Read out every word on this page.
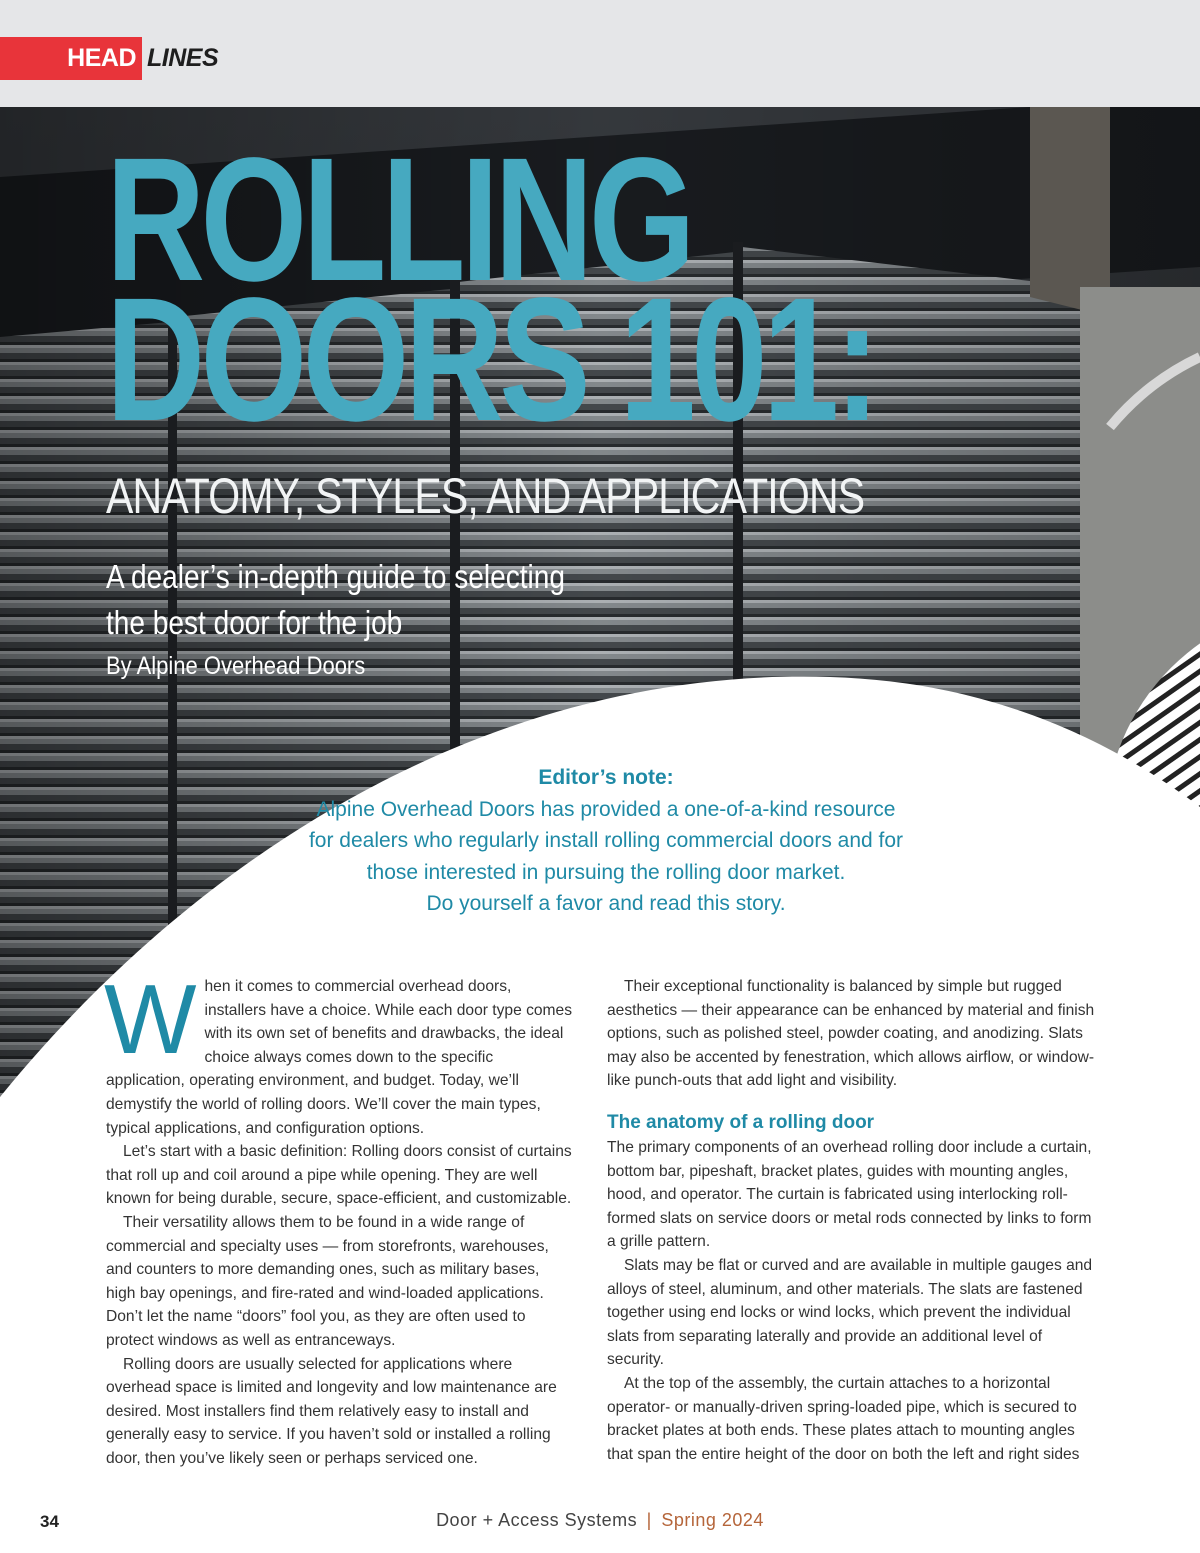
HEAD LINES
ROLLING
DOORS 101:
ANATOMY, STYLES, AND APPLICATIONS
A dealer’s in-depth guide to selecting
the best door for the job
By Alpine Overhead Doors
Editor’s note:
Alpine Overhead Doors has provided a one-of-a-kind resource
for dealers who regularly install rolling commercial doors and for
those interested in pursuing the rolling door market.
Do yourself a favor and read this story.
W hen it comes to commercial overhead doors, installers have a choice. While each door type comes with its own set of benefits and drawbacks, the ideal choice always comes down to the specific application, operating environment, and budget. Today, we’ll demystify the world of rolling doors. We’ll cover the main types, typical applications, and configuration options.

Let’s start with a basic definition: Rolling doors consist of curtains that roll up and coil around a pipe while opening. They are well known for being durable, secure, space-efficient, and customizable.

Their versatility allows them to be found in a wide range of commercial and specialty uses — from storefronts, warehouses, and counters to more demanding ones, such as military bases, high bay openings, and fire-rated and wind-loaded applications. Don’t let the name “doors” fool you, as they are often used to protect windows as well as entranceways.

Rolling doors are usually selected for applications where overhead space is limited and longevity and low maintenance are desired. Most installers find them relatively easy to install and generally easy to service. If you haven’t sold or installed a rolling door, then you’ve likely seen or perhaps serviced one.

Their exceptional functionality is balanced by simple but rugged aesthetics — their appearance can be enhanced by material and finish options, such as polished steel, powder coating, and anodizing. Slats may also be accented by fenestration, which allows airflow, or window-like punch-outs that add light and visibility.

The anatomy of a rolling door

The primary components of an overhead rolling door include a curtain, bottom bar, pipeshaft, bracket plates, guides with mounting angles, hood, and operator. The curtain is fabricated using interlocking roll-formed slats on service doors or metal rods connected by links to form a grille pattern.

Slats may be flat or curved and are available in multiple gauges and alloys of steel, aluminum, and other materials. The slats are fastened together using end locks or wind locks, which prevent the individual slats from separating laterally and provide an additional level of security.

At the top of the assembly, the curtain attaches to a horizontal operator- or manually-driven spring-loaded pipe, which is secured to bracket plates at both ends. These plates attach to mounting angles that span the entire height of the door on both the left and right sides

34	Door + Access Systems | Spring 2024
